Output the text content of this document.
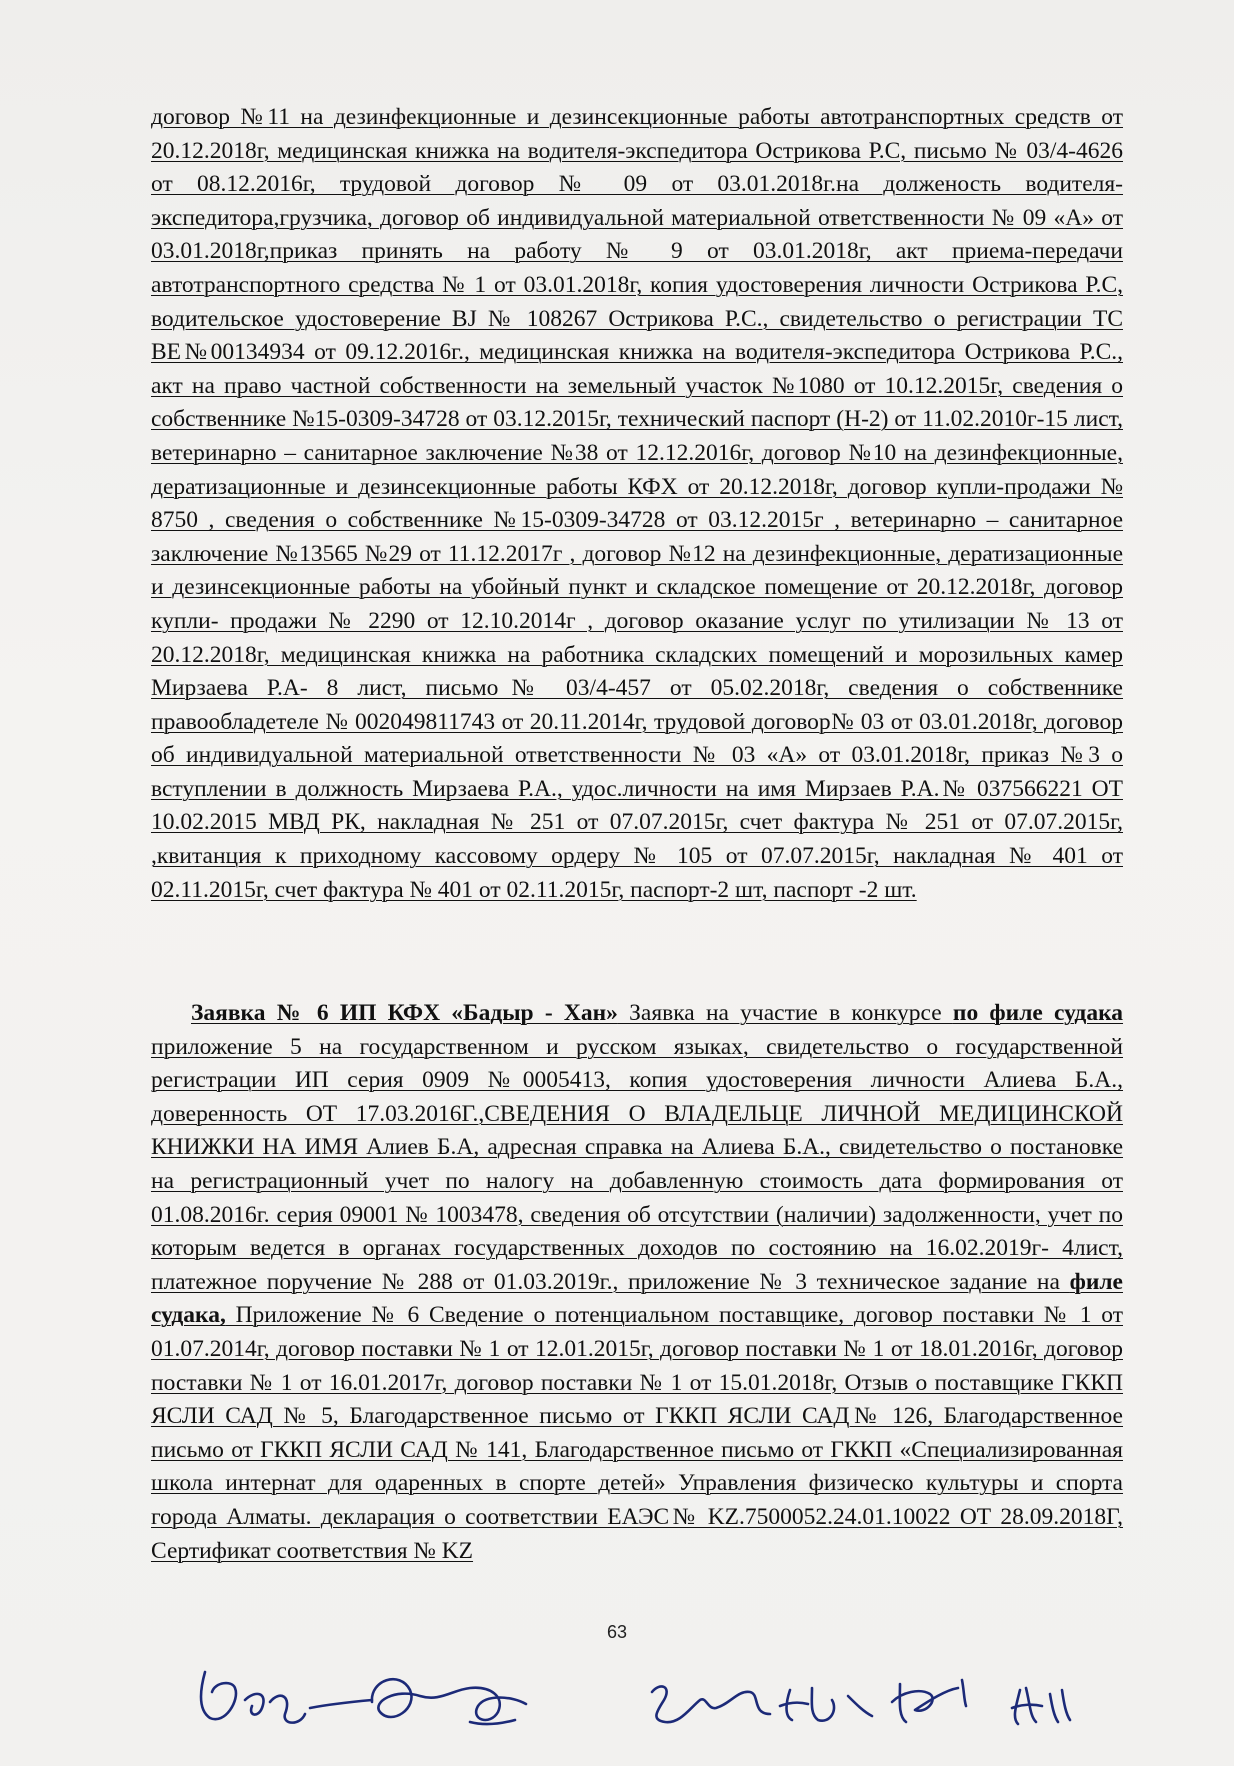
договор №11 на дезинфекционные и дезинсекционные работы автотранспортных средств от 20.12.2018г, медицинская книжка на водителя-экспедитора Острикова Р.С, письмо № 03/4-4626 от 08.12.2016г, трудовой договор № 09 от 03.01.2018г.на долженость водителя-экспедитора,грузчика, договор об индивидуальной материальной ответственности № 09 «А» от 03.01.2018г,приказ принять на работу № 9 от 03.01.2018г, акт приема-передачи автотранспортного средства № 1 от 03.01.2018г, копия удостоверения личности Острикова Р.С, водительское удостоверение BJ № 108267 Острикова Р.С., свидетельство о регистрации ТС ВЕ№00134934 от 09.12.2016г., медицинская книжка на водителя-экспедитора Острикова Р.С., акт на право частной собственности на земельный участок №1080 от 10.12.2015г, сведения о собственнике №15-0309-34728 от 03.12.2015г, технический паспорт (Н-2) от 11.02.2010г-15 лист, ветеринарно – санитарное заключение №38 от 12.12.2016г, договор №10 на дезинфекционные, дератизационные и дезинсекционные работы КФХ от 20.12.2018г, договор купли-продажи № 8750 , сведения о собственнике №15-0309-34728 от 03.12.2015г , ветеринарно – санитарное заключение №13565 №29 от 11.12.2017г , договор №12 на дезинфекционные, дератизационные и дезинсекционные работы на убойный пункт и складское помещение от 20.12.2018г, договор купли- продажи № 2290 от 12.10.2014г , договор оказание услуг по утилизации № 13 от 20.12.2018г, медицинская книжка на работника складских помещений и морозильных камер Мирзаева Р.А- 8 лист, письмо№ 03/4-457 от 05.02.2018г, сведения о собственнике правообладетеле № 002049811743 от 20.11.2014г, трудовой договор№ 03 от 03.01.2018г, договор об индивидуальной материальной ответственности № 03 «А» от 03.01.2018г, приказ №3 о вступлении в должность Мирзаева Р.А., удос.личности на имя Мирзаев Р.А.№ 037566221 ОТ 10.02.2015 МВД РК, накладная № 251 от 07.07.2015г, счет фактура № 251 от 07.07.2015г, ,квитанция к приходному кассовому ордеру № 105 от 07.07.2015г, накладная № 401 от 02.11.2015г, счет фактура № 401 от 02.11.2015г, паспорт-2 шт, паспорт -2 шт.
Заявка № 6 ИП КФХ «Бадыр - Хан» Заявка на участие в конкурсе по филе судака приложение 5 на государственном и русском языках, свидетельство о государственной регистрации ИП серия 0909 №0005413, копия удостоверения личности Алиева Б.А., доверенность ОТ 17.03.2016Г.,СВЕДЕНИЯ О ВЛАДЕЛЬЦЕ ЛИЧНОЙ МЕДИЦИНСКОЙ КНИЖКИ НА ИМЯ Алиев Б.А, адресная справка на Алиева Б.А., свидетельство о постановке на регистрационный учет по налогу на добавленную стоимость дата формирования от 01.08.2016г. серия 09001 № 1003478, сведения об отсутствии (наличии) задолженности, учет по которым ведется в органах государственных доходов по состоянию на 16.02.2019г- 4лист, платежное поручение № 288 от 01.03.2019г., приложение № 3 техническое задание на филе судака, Приложение № 6 Сведение о потенциальном поставщике, договор поставки № 1 от 01.07.2014г, договор поставки № 1 от 12.01.2015г, договор поставки № 1 от 18.01.2016г, договор поставки № 1 от 16.01.2017г, договор поставки № 1 от 15.01.2018г, Отзыв о поставщике ГККП ЯСЛИ САД № 5, Благодарственное письмо от ГККП ЯСЛИ САД№ 126, Благодарственное письмо от ГККП ЯСЛИ САД № 141, Благодарственное письмо от ГККП «Специализированная школа интернат для одаренных в спорте детей» Управления физическо культуры и спорта города Алматы. декларация о соответствии ЕАЭС№ KZ.7500052.24.01.10022 ОТ 28.09.2018Г, Сертификат соответствия № KZ
63
